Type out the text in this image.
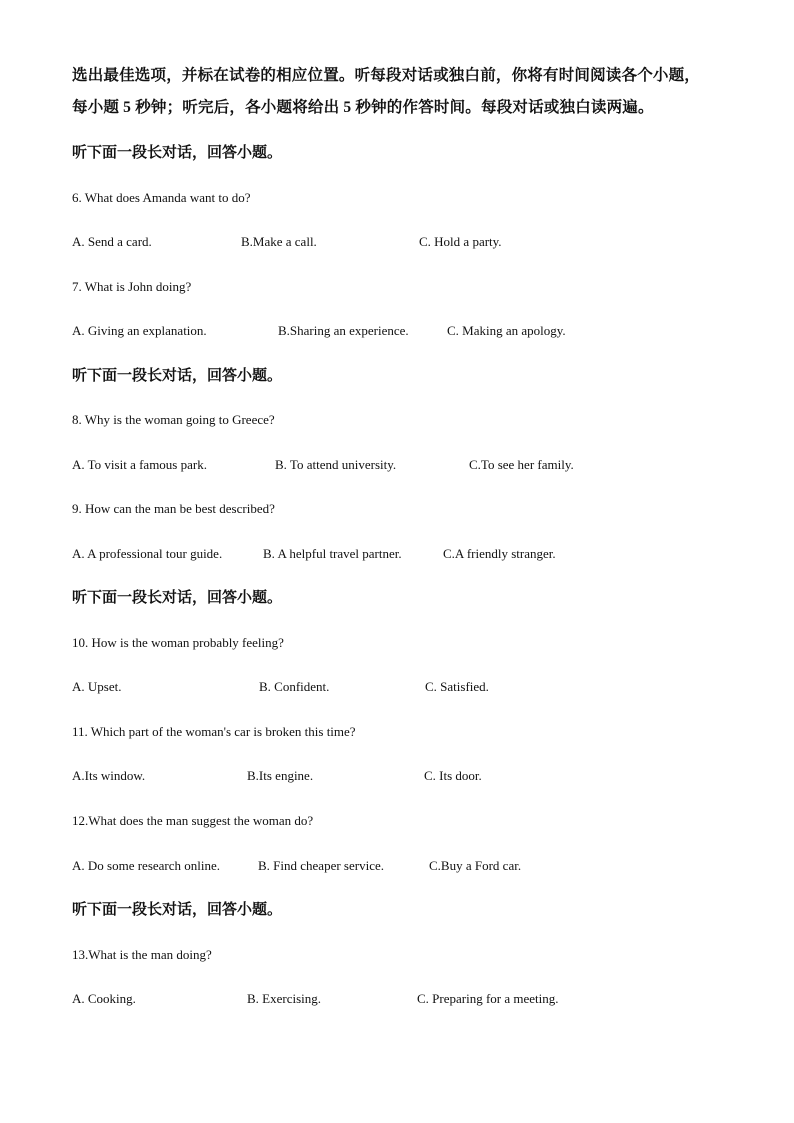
选出最佳选项，并标在试卷的相应位置。听每段对话或独白前，你将有时间阅读各个小题，
每小题 5 秒钟；听完后，各小题将给出 5 秒钟的作答时间。每段对话或独白读两遍。
听下面一段长对话，回答小题。
6. What does Amanda want to do?
A. Send a card.	B.Make a call.	C. Hold a party.
7. What is John doing?
A. Giving an explanation.	B.Sharing an experience.	C. Making an apology.
听下面一段长对话，回答小题。
8. Why is the woman going to Greece?
A. To visit a famous park.	B. To attend university.	C.To see her family.
9. How can the man be best described?
A. A professional tour guide.	B. A helpful travel partner.	C.A friendly stranger.
听下面一段长对话，回答小题。
10. How is the woman probably feeling?
A. Upset.	B. Confident.	C. Satisfied.
11. Which part of the woman's car is broken this time?
A.Its window.	B.Its engine.	C. Its door.
12.What does the man suggest the woman do?
A. Do some research online.	B. Find cheaper service.	C.Buy a Ford car.
听下面一段长对话，回答小题。
13.What is the man doing?
A. Cooking.	B. Exercising.	C. Preparing for a meeting.
